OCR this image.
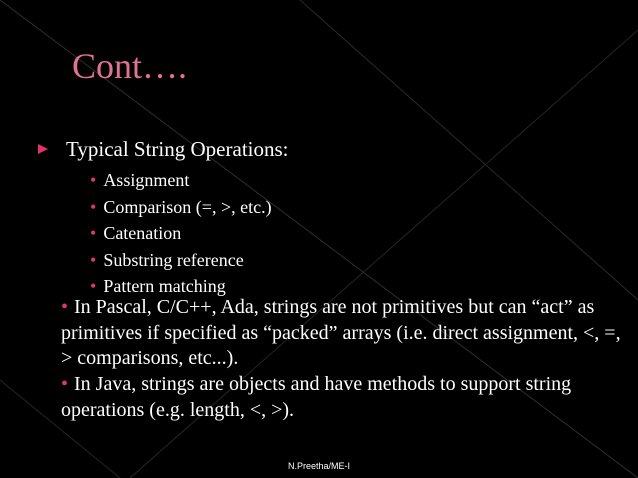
Cont….
Typical String Operations:
• Assignment
• Comparison (=, >, etc.)
• Catenation
• Substring reference
• Pattern matching
• In Pascal, C/C++, Ada, strings are not primitives but can “act” as primitives if specified as “packed” arrays (i.e. direct assignment, <, =, > comparisons, etc...).
• In Java, strings are objects and have methods to support string operations (e.g. length, <, >).
N.Preetha/ME-I
